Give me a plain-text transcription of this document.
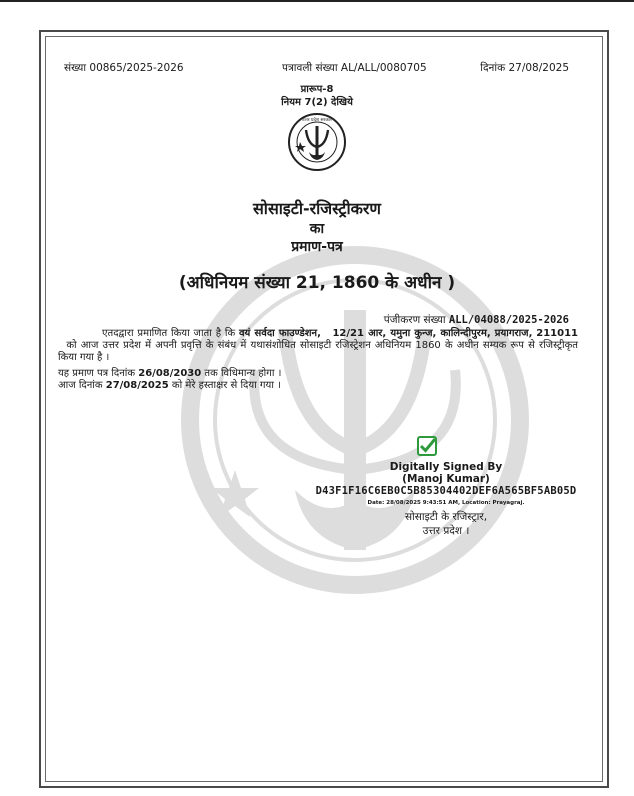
संख्या 00865/2025-2026	पत्रावली संख्या AL/ALL/0080705	दिनांक 27/08/2025
प्रारूप-8
नियम 7(2) देखिये
उत्तर प्रदेश सरकार
सोसाइटी-रजिस्ट्रीकरण
का
प्रमाण-पत्र
(अधिनियम संख्या 21, 1860 के अधीन )
पंजीकरण संख्या ALL/04088/2025-2026
एतदद्वारा प्रमाणित किया जाता है कि वयं सर्वदा फाउण्डेशन, 12/21 आर, यमुना कुन्ज, कालिन्दीपुरम, प्रयागराज, 211011   को आज उत्तर प्रदेश में अपनी प्रवृत्ति के संबंध में यथासंशोधित सोसाइटी रजिस्ट्रेशन अधिनियम 1860 के अधीन सम्यक रूप से रजिस्ट्रीकृत किया गया है ।
यह प्रमाण पत्र दिनांक 26/08/2030 तक विधिमान्य होगा ।
आज दिनांक 27/08/2025 को मेरे हस्ताक्षर से दिया गया ।
Digitally Signed By
(Manoj Kumar)
D43F1F16C6EB0C5B85304402DEF6A565BF5AB05D
Date: 28/08/2025 9:43:51 AM, Location: Prayagraj.
सोसाइटी के रजिस्ट्रार,
उत्तर प्रदेश ।
